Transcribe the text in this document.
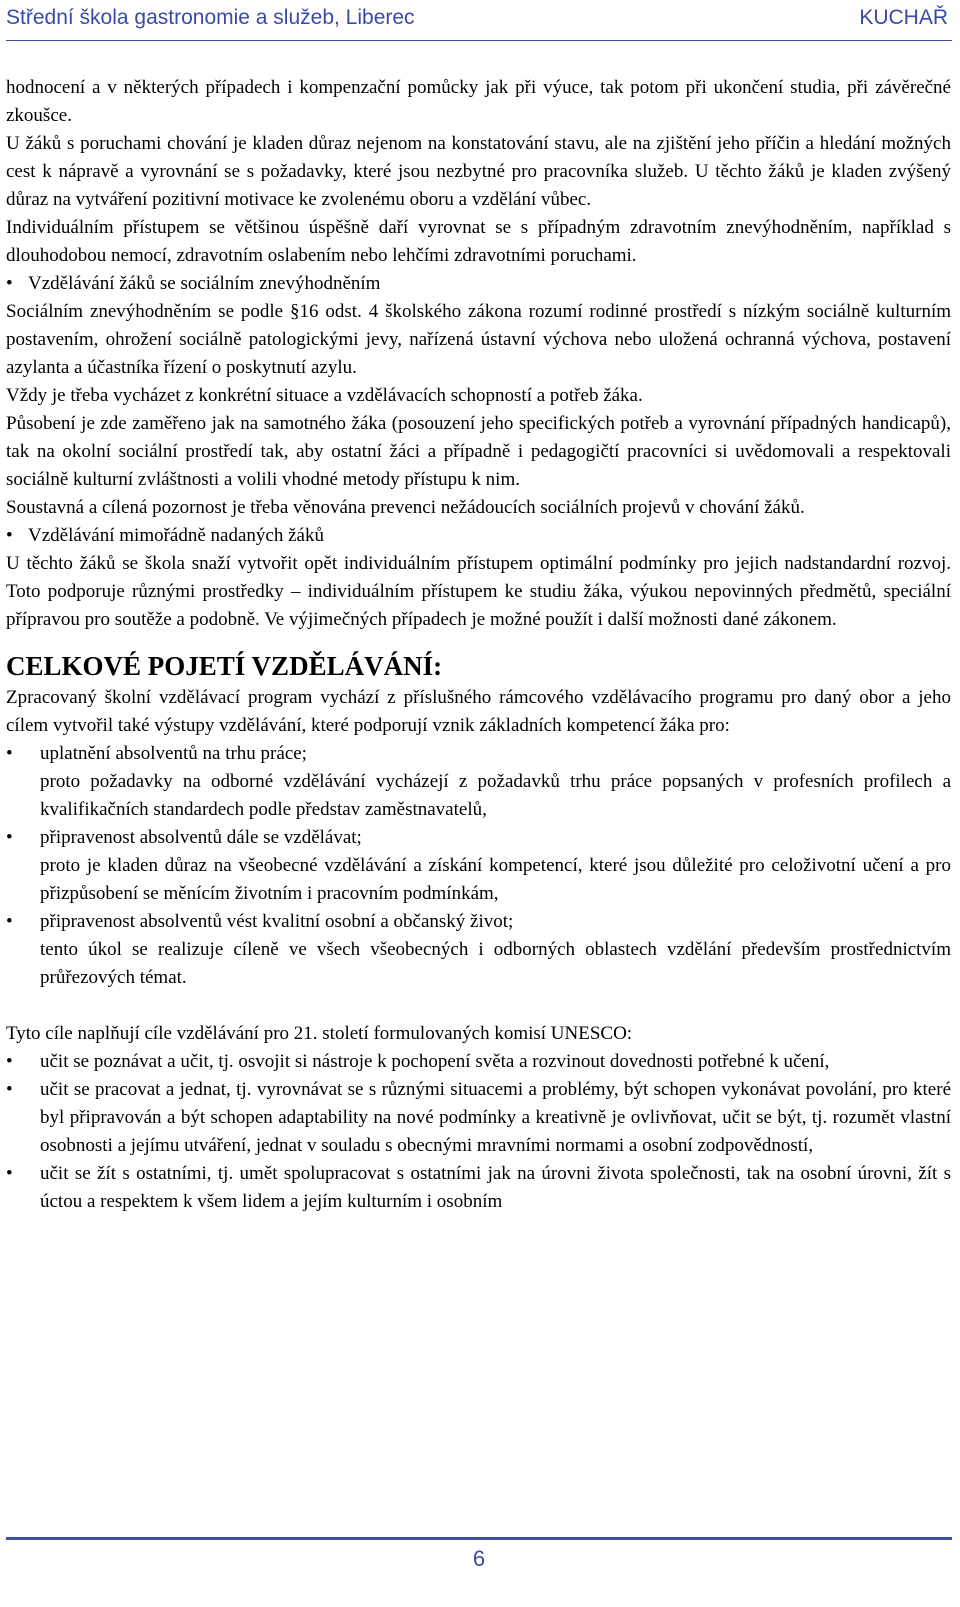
Střední škola gastronomie a služeb, Liberec	KUCHAŘ

hodnocení a v některých případech i kompenzační pomůcky jak při výuce, tak potom při ukončení studia, při závěrečné zkoušce.

U žáků s poruchami chování je kladen důraz nejenom na konstatování stavu, ale na zjištění jeho příčin a hledání možných cest k nápravě a vyrovnání se s požadavky, které jsou nezbytné pro pracovníka služeb. U těchto žáků je kladen zvýšený důraz na vytváření pozitivní motivace ke zvolenému oboru a vzdělání vůbec.

Individuálním přístupem se většinou úspěšně daří vyrovnat se s případným zdravotním znevýhodněním, například s dlouhodobou nemocí, zdravotním oslabením nebo lehčími zdravotními poruchami.

• Vzdělávání žáků se sociálním znevýhodněním

Sociálním znevýhodněním se podle §16 odst. 4 školského zákona rozumí rodinné prostředí s nízkým sociálně kulturním postavením, ohrožení sociálně patologickými jevy, nařízená ústavní výchova nebo uložená ochranná výchova, postavení azylanta a účastníka řízení o poskytnutí azylu.

Vždy je třeba vycházet z konkrétní situace a vzdělávacích schopností a potřeb žáka.

Působení je zde zaměřeno jak na samotného žáka (posouzení jeho specifických potřeb a vyrovnání případných handicapů), tak na okolní sociální prostředí tak, aby ostatní žáci a případně i pedagogičtí pracovníci si uvědomovali a respektovali sociálně kulturní zvláštnosti a volili vhodné metody přístupu k nim.

Soustavná a cílená pozornost je třeba věnována prevenci nežádoucích sociálních projevů v chování žáků.

• Vzdělávání mimořádně nadaných žáků

U těchto žáků se škola snaží vytvořit opět individuálním přístupem optimální podmínky pro jejich nadstandardní rozvoj. Toto podporuje různými prostředky – individuálním přístupem ke studiu žáka, výukou nepovinných předmětů, speciální přípravou pro soutěže a podobně. Ve výjimečných případech je možné použít i další možnosti dané zákonem.

CELKOVÉ POJETÍ VZDĚLÁVÁNÍ:

Zpracovaný školní vzdělávací program vychází z příslušného rámcového vzdělávacího programu pro daný obor a jeho cílem vytvořil také výstupy vzdělávání, které podporují vznik základních kompetencí žáka pro:

•	uplatnění absolventů na trhu práce;
proto požadavky na odborné vzdělávání vycházejí z požadavků trhu práce popsaných v profesních profilech a kvalifikačních standardech podle představ zaměstnavatelů,
•	připravenost absolventů dále se vzdělávat;
proto je kladen důraz na všeobecné vzdělávání a získání kompetencí, které jsou důležité pro celoživotní učení a pro přizpůsobení se měnícím životním i pracovním podmínkám,
•	připravenost absolventů vést kvalitní osobní a občanský život;
tento úkol se realizuje cíleně ve všech všeobecných i odborných oblastech vzdělání především prostřednictvím průřezových témat.

Tyto cíle naplňují cíle vzdělávání pro 21. století formulovaných komisí UNESCO:

•	učit se poznávat a učit, tj. osvojit si nástroje k pochopení světa a rozvinout dovednosti potřebné k učení,
•	učit se pracovat a jednat, tj. vyrovnávat se s různými situacemi a problémy, být schopen vykonávat povolání, pro které byl připravován a být schopen adaptability na nové podmínky a kreativně je ovlivňovat, učit se být, tj. rozumět vlastní osobnosti a jejímu utváření, jednat v souladu s obecnými mravními normami a osobní zodpovědností,
•	učit se žít s ostatními, tj. umět spolupracovat s ostatními jak na úrovni života společnosti, tak na osobní úrovni, žít s úctou a respektem k všem lidem a jejím kulturním i osobním
6
